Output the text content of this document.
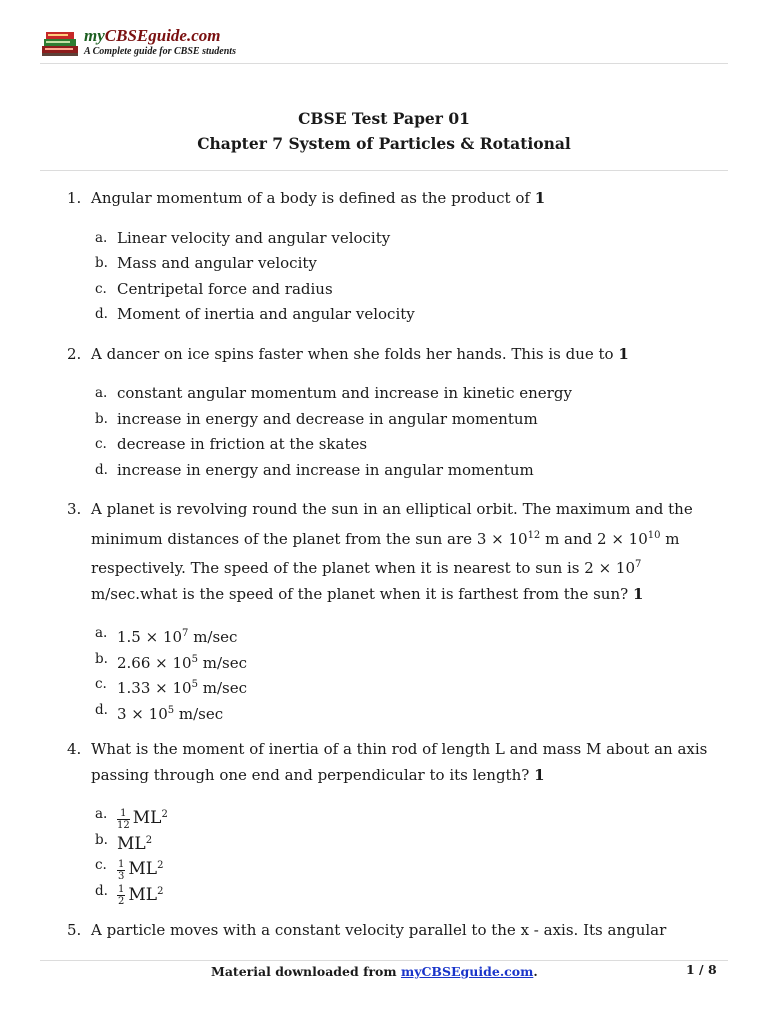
myCBSEguide.com
A Complete guide for CBSE students
CBSE Test Paper 01
Chapter 7 System of Particles & Rotational
1. Angular momentum of a body is defined as the product of 1
a. Linear velocity and angular velocity
b. Mass and angular velocity
c. Centripetal force and radius
d. Moment of inertia and angular velocity
2. A dancer on ice spins faster when she folds her hands. This is due to 1
a. constant angular momentum and increase in kinetic energy
b. increase in energy and decrease in angular momentum
c. decrease in friction at the skates
d. increase in energy and increase in angular momentum
3. A planet is revolving round the sun in an elliptical orbit. The maximum and the minimum distances of the planet from the sun are $3 \times 10^{12}$ m and $2 \times 10^{10}$ m respectively. The speed of the planet when it is nearest to sun is $2 \times 10^7$ m/sec.what is the speed of the planet when it is farthest from the sun? 1
a. $1.5 \times 10^7$ m/sec
b. $2.66 \times 10^5$ m/sec
c. $1.33 \times 10^5$ m/sec
d. $3 \times 10^5$ m/sec
4. What is the moment of inertia of a thin rod of length L and mass M about an axis passing through one end and perpendicular to its length? 1
a. $\frac{1}{12} ML^2$
b. $ML^2$
c. $\frac{1}{3} ML^2$
d. $\frac{1}{2} ML^2$
5. A particle moves with a constant velocity parallel to the x - axis. Its angular
Material downloaded from myCBSEguide.com.	1 / 8
